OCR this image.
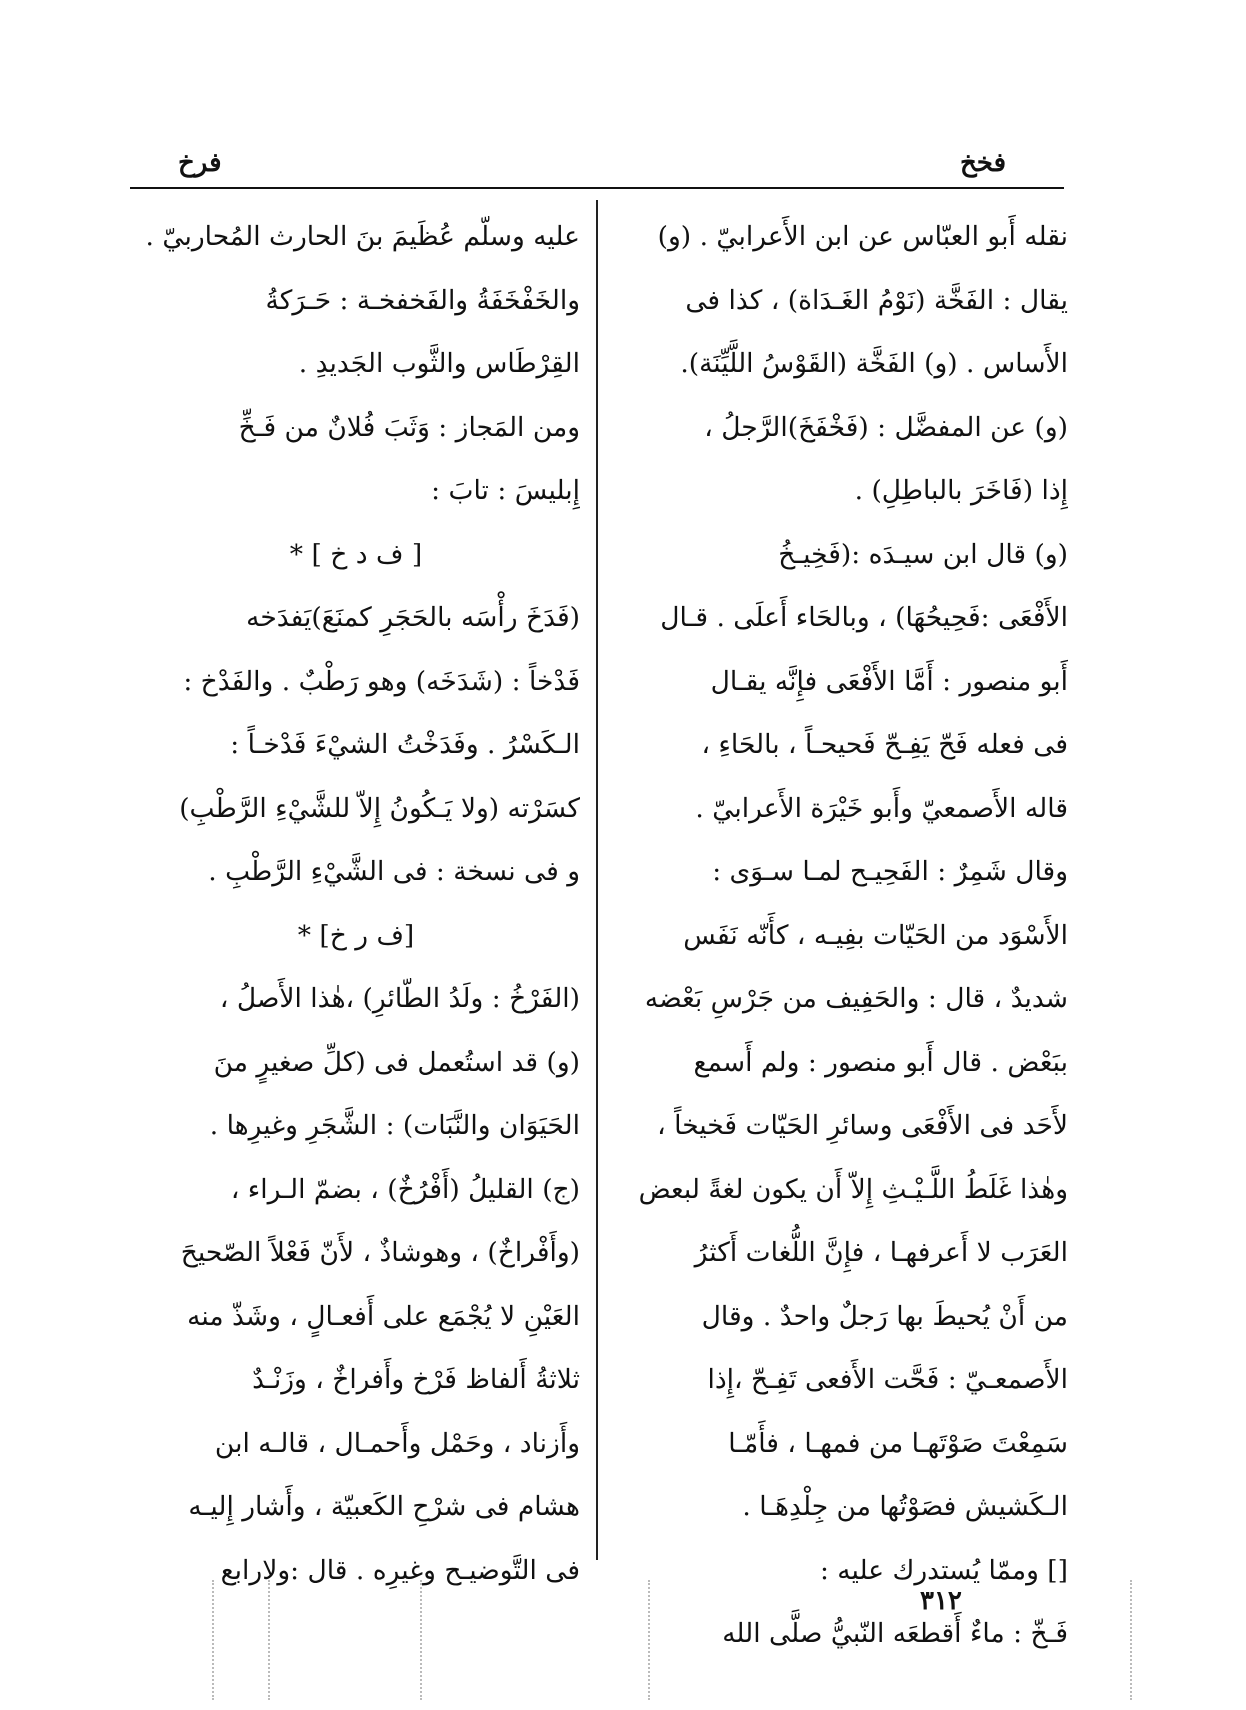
فخخ
فرخ
نقله أَبو العبّاس عن ابن الأَعرابيّ . (و)
يقال : الفَخَّة (نَوْمُ الغَـدَاة) ، كذا فى
الأَساس . (و) الفَخَّة (القَوْسُ اللَّيِّنَة).
(و) عن المفضَّل : (فَخْفَخَ)الرَّجلُ ،
إِذا (فَاخَرَ بالباطِلِ) .
(و) قال ابن سيـدَه :(فَخِيـخُ
الأَفْعَى :فَحِيحُهَا) ، وبالحَاء أَعلَى . قـال
أَبو منصور : أَمَّا الأَفْعَى فإِنَّه يقـال
فى فعله فَحّ يَفِـحّ فَحيحـاً ، بالحَاءِ ،
قاله الأَصمعيّ وأَبو خَيْرَة الأَعرابيّ .
وقال شَمِرٌ : الفَحِيـح لمـا سـوَى :
الأَسْوَد من الحَيّات بفِيـه ، كأَنّه نَفَس
شديدٌ ، قال : والحَفِيف من جَرْسِ بَعْضه
ببَعْض . قال أَبو منصور : ولم أَسمع
لأَحَد فى الأَفْعَى وسائرِ الحَيّات فَخيخاً ،
وهٰذا غَلَطُ اللَّـيْـثِ إِلاّ أَن يكون لغةً لبعض
العَرَب لا أَعرفهـا ، فإِنَّ اللُّغات أَكثرُ
من أَنْ يُحيطَ بها رَجلٌ واحدٌ . وقال
الأَصمعـيّ : فَحَّت الأَفعى تَفِـحّ ،إِذا
سَمِعْتَ صَوْتَهـا من فمهـا ، فأَمّـا
الـكَشيش فصَوْتُها من جِلْدِهَـا .
[] وممّا يُستدرك عليه :
فَـخّ : ماءٌ أَقطعَه النّبيُّ صلَّى الله
عليه وسلّم عُظَيمَ بنَ الحارث المُحاربيّ .
والخَفْخَفَةُ والفَخفخـة : حَـرَكةُ
القِرْطَاس والثَّوب الجَديدِ .
ومن المَجاز : وَثَبَ فُلانٌ من فَـخِّ
إِبليسَ : تابَ :
[ ف د خ ] *
(فَدَخَ رأْسَه بالحَجَرِ كمنَعَ)يَفدَخه
فَدْخاً : (شَدَخَه) وهو رَطْبٌ . والفَدْخ :
الـكَسْرُ . وفَدَخْتُ الشيْءَ فَدْخـاً :
كسَرْته (ولا يَـكُونُ إِلاّ للشَّيْءِ الرَّطْبِ)
و فى نسخة : فى الشَّيْءِ الرَّطْبِ .
[ف ر خ] *
(الفَرْخُ : ولَدُ الطّائرِ) ،هٰذا الأَصلُ ،
(و) قد استُعمل فى (كلِّ صغيرٍ منَ
الحَيَوَان والنَّبَات) : الشَّجَرِ وغيرِها .
(ج) القليلُ (أَفْرُخٌ) ، بضمّ الـراء ،
(وأَفْراخٌ) ، وهوشاذٌ ، لأَنّ فَعْلاً الصّحيحَ
العَيْنِ لا يُجْمَع على أَفعـالٍ ، وشَذّ منه
ثلاثةُ أَلفاظ فَرْخ وأَفراخٌ ، وزَنْـدٌ
وأَزناد ، وحَمْل وأَحمـال ، قالـه ابن
هشام فى شرْحِ الكَعبيّة ، وأَشار إِليـه
فى التَّوضيـح وغيرِه . قال :ولارابع
٣١٢
